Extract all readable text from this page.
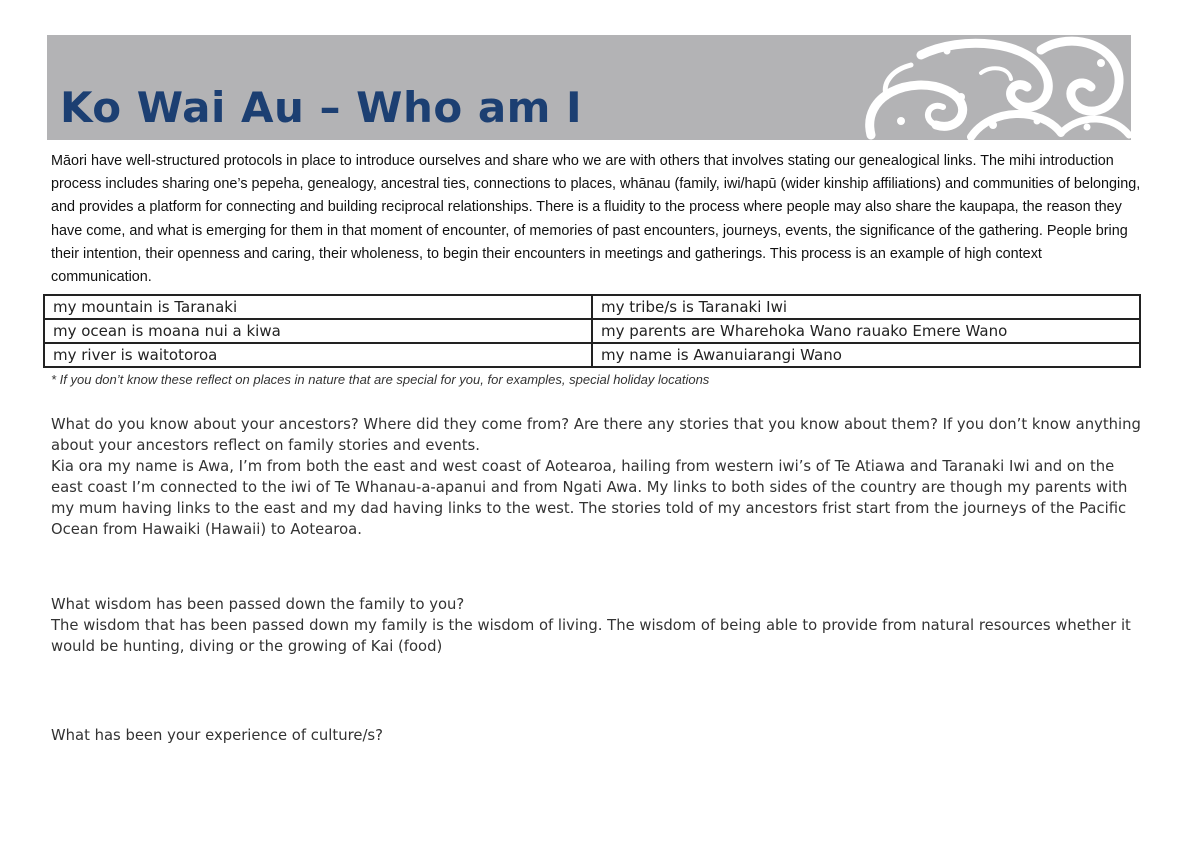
Ko Wai Au – Who am I

Māori have well-structured protocols in place to introduce ourselves and share who we are with others that involves stating our genealogical links. The mihi introduction process includes sharing one’s pepeha, genealogy, ancestral ties, connections to places, whānau (family, iwi/hapū (wider kinship affiliations) and communities of belonging, and provides a platform for connecting and building reciprocal relationships. There is a fluidity to the process where people may also share the kaupapa, the reason they have come, and what is emerging for them in that moment of encounter, of memories of past encounters, journeys, events, the significance of the gathering. People bring their intention, their openness and caring, their wholeness, to begin their encounters in meetings and gatherings. This process is an example of high context communication.

my mountain is Taranaki	my tribe/s is Taranaki Iwi
my ocean is moana nui a kiwa	my parents are Wharehoka Wano rauako Emere Wano
my river is waitotoroa	my name is Awanuiarangi Wano

* If you don’t know these reflect on places in nature that are special for you, for examples, special holiday locations

What do you know about your ancestors? Where did they come from? Are there any stories that you know about them? If you don’t know anything about your ancestors reflect on family stories and events.

Kia ora my name is Awa, I’m from both the east and west coast of Aotearoa, hailing from western iwi’s of Te Atiawa and Taranaki Iwi and on the east coast I’m connected to the iwi of Te Whanau-a-apanui and from Ngati Awa. My links to both sides of the country are though my parents with my mum having links to the east and my dad having links to the west. The stories told of my ancestors frist start from the journeys of the Pacific Ocean from Hawaiki (Hawaii) to Aotearoa.

What wisdom has been passed down the family to you?

The wisdom that has been passed down my family is the wisdom of living. The wisdom of being able to provide from natural resources whether it would be hunting, diving or the growing of Kai (food)

What has been your experience of culture/s?
